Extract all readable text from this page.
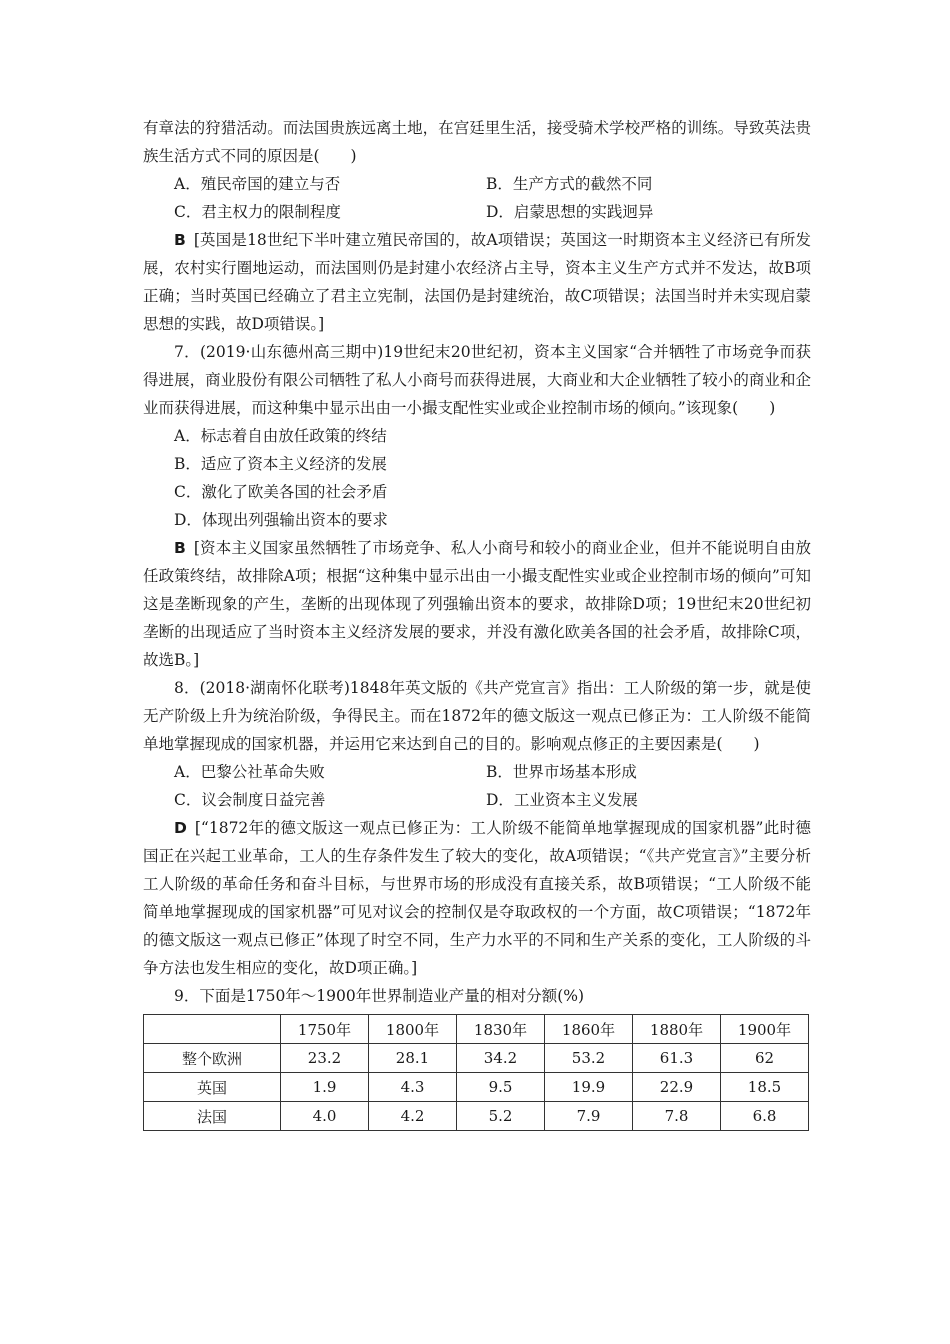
有章法的狩猎活动。而法国贵族远离土地，在宫廷里生活，接受骑术学校严格的训练。导致英法贵族生活方式不同的原因是(　　)

A．殖民帝国的建立与否	B．生产方式的截然不同
C．君主权力的限制程度	D．启蒙思想的实践迥异

B [英国是18世纪下半叶建立殖民帝国的，故A项错误；英国这一时期资本主义经济已有所发展，农村实行圈地运动，而法国则仍是封建小农经济占主导，资本主义生产方式并不发达，故B项正确；当时英国已经确立了君主立宪制，法国仍是封建统治，故C项错误；法国当时并未实现启蒙思想的实践，故D项错误。]

7．(2019·山东德州高三期中)19世纪末20世纪初，资本主义国家“合并牺牲了市场竞争而获得进展，商业股份有限公司牺牲了私人小商号而获得进展，大商业和大企业牺牲了较小的商业和企业而获得进展，而这种集中显示出由一小撮支配性实业或企业控制市场的倾向。”该现象(　　)

A．标志着自由放任政策的终结
B．适应了资本主义经济的发展
C．激化了欧美各国的社会矛盾
D．体现出列强输出资本的要求

B [资本主义国家虽然牺牲了市场竞争、私人小商号和较小的商业企业，但并不能说明自由放任政策终结，故排除A项；根据“这种集中显示出由一小撮支配性实业或企业控制市场的倾向”可知这是垄断现象的产生，垄断的出现体现了列强输出资本的要求，故排除D项；19世纪末20世纪初垄断的出现适应了当时资本主义经济发展的要求，并没有激化欧美各国的社会矛盾，故排除C项，故选B。]

8．(2018·湖南怀化联考)1848年英文版的《共产党宣言》指出：工人阶级的第一步，就是使无产阶级上升为统治阶级，争得民主。而在1872年的德文版这一观点已修正为：工人阶级不能简单地掌握现成的国家机器，并运用它来达到自己的目的。影响观点修正的主要因素是(　　)

A．巴黎公社革命失败	B．世界市场基本形成
C．议会制度日益完善	D．工业资本主义发展

D [“1872年的德文版这一观点已修正为：工人阶级不能简单地掌握现成的国家机器”此时德国正在兴起工业革命，工人的生存条件发生了较大的变化，故A项错误；“《共产党宣言》”主要分析工人阶级的革命任务和奋斗目标，与世界市场的形成没有直接关系，故B项错误；“工人阶级不能简单地掌握现成的国家机器”可见对议会的控制仅是夺取政权的一个方面，故C项错误；“1872年的德文版这一观点已修正”体现了时空不同，生产力水平的不同和生产关系的变化，工人阶级的斗争方法也发生相应的变化，故D项正确。]

9．下面是1750年～1900年世界制造业产量的相对分额(%)

	1750年	1800年	1830年	1860年	1880年	1900年
整个欧洲	23.2	28.1	34.2	53.2	61.3	62
英国	1.9	4.3	9.5	19.9	22.9	18.5
法国	4.0	4.2	5.2	7.9	7.8	6.8
